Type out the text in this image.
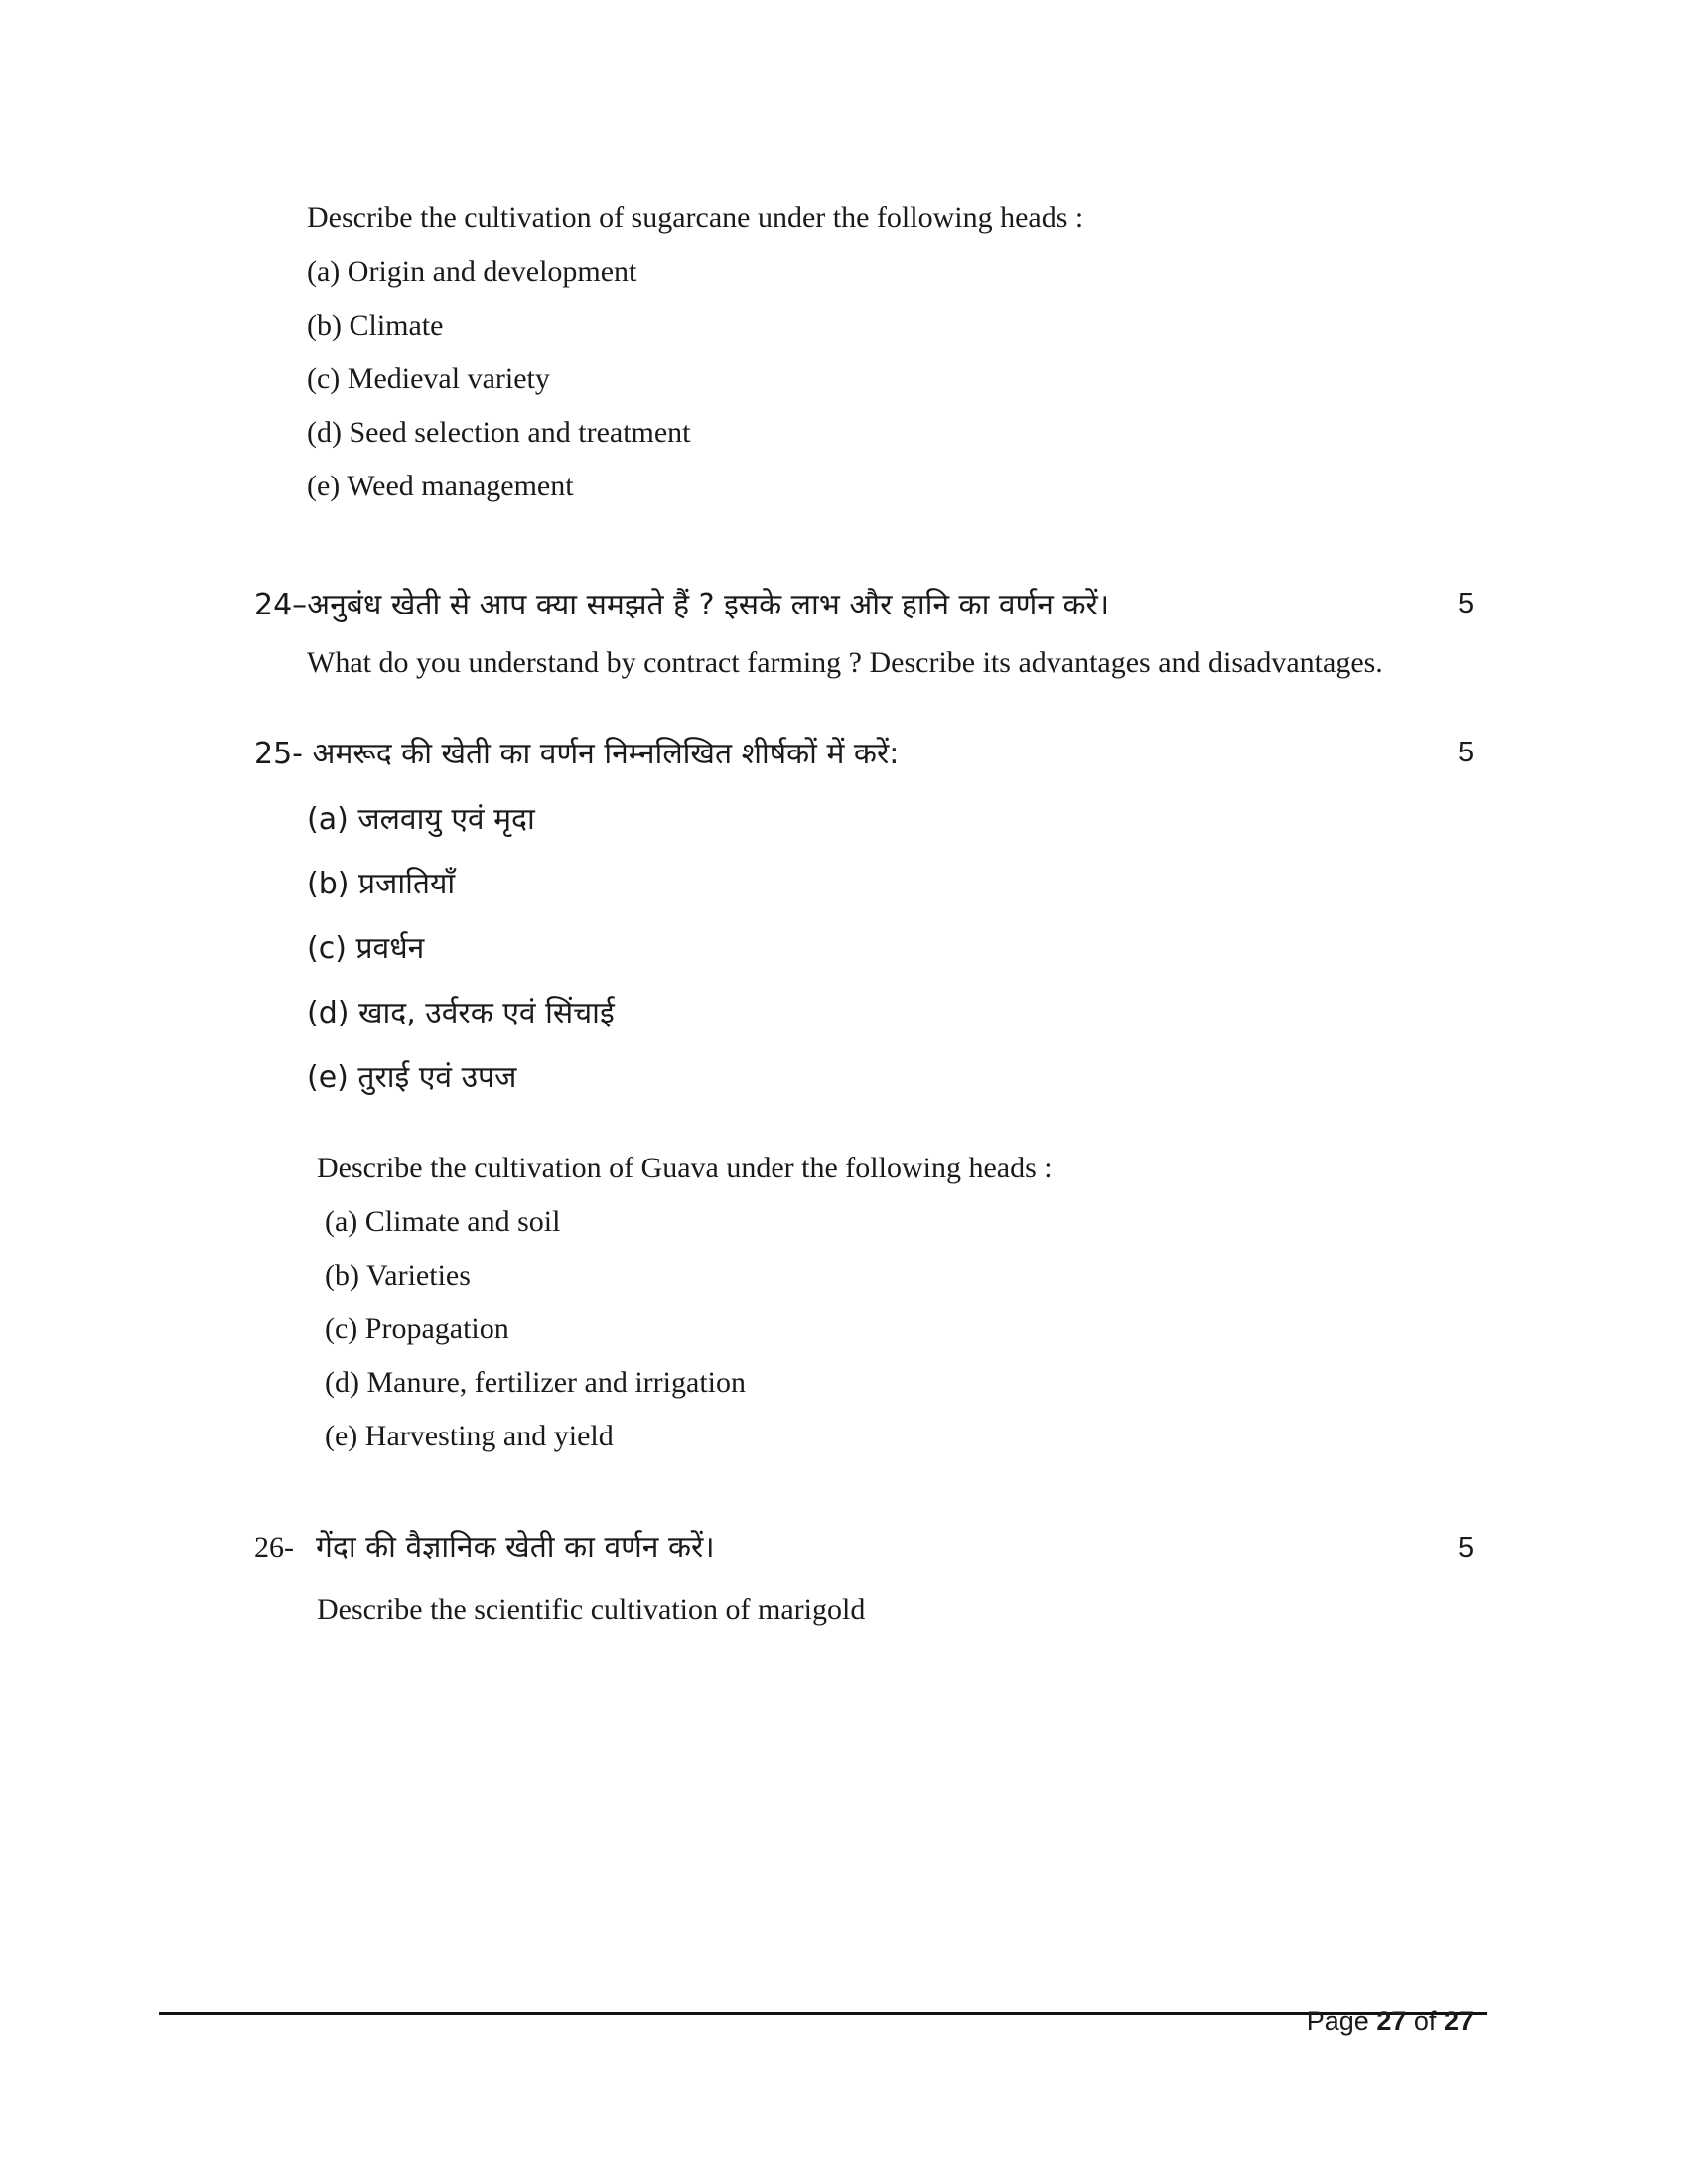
Describe the cultivation of sugarcane under the following heads :
(a) Origin and development
(b) Climate
(c) Medieval variety
(d) Seed selection and treatment
(e) Weed management
24–अनुबंध खेती से आप क्या समझते हैं ? इसके लाभ और हानि का वर्णन करें।	5
What do you understand by contract farming ? Describe its advantages and disadvantages.
25- अमरूद की खेती का वर्णन निम्नलिखित शीर्षकों में करें:	5
(a) जलवायु एवं मृदा
(b) प्रजातियाँ
(c) प्रवर्धन
(d) खाद, उर्वरक एवं सिंचाई
(e) तुराई एवं उपज
Describe the cultivation of Guava under the following heads :
(a) Climate and soil
(b) Varieties
(c) Propagation
(d) Manure, fertilizer and irrigation
(e) Harvesting and yield
26- गेंदा की वैज्ञानिक खेती का वर्णन करें।	5
Describe the scientific cultivation of marigold
Page 27 of 27
